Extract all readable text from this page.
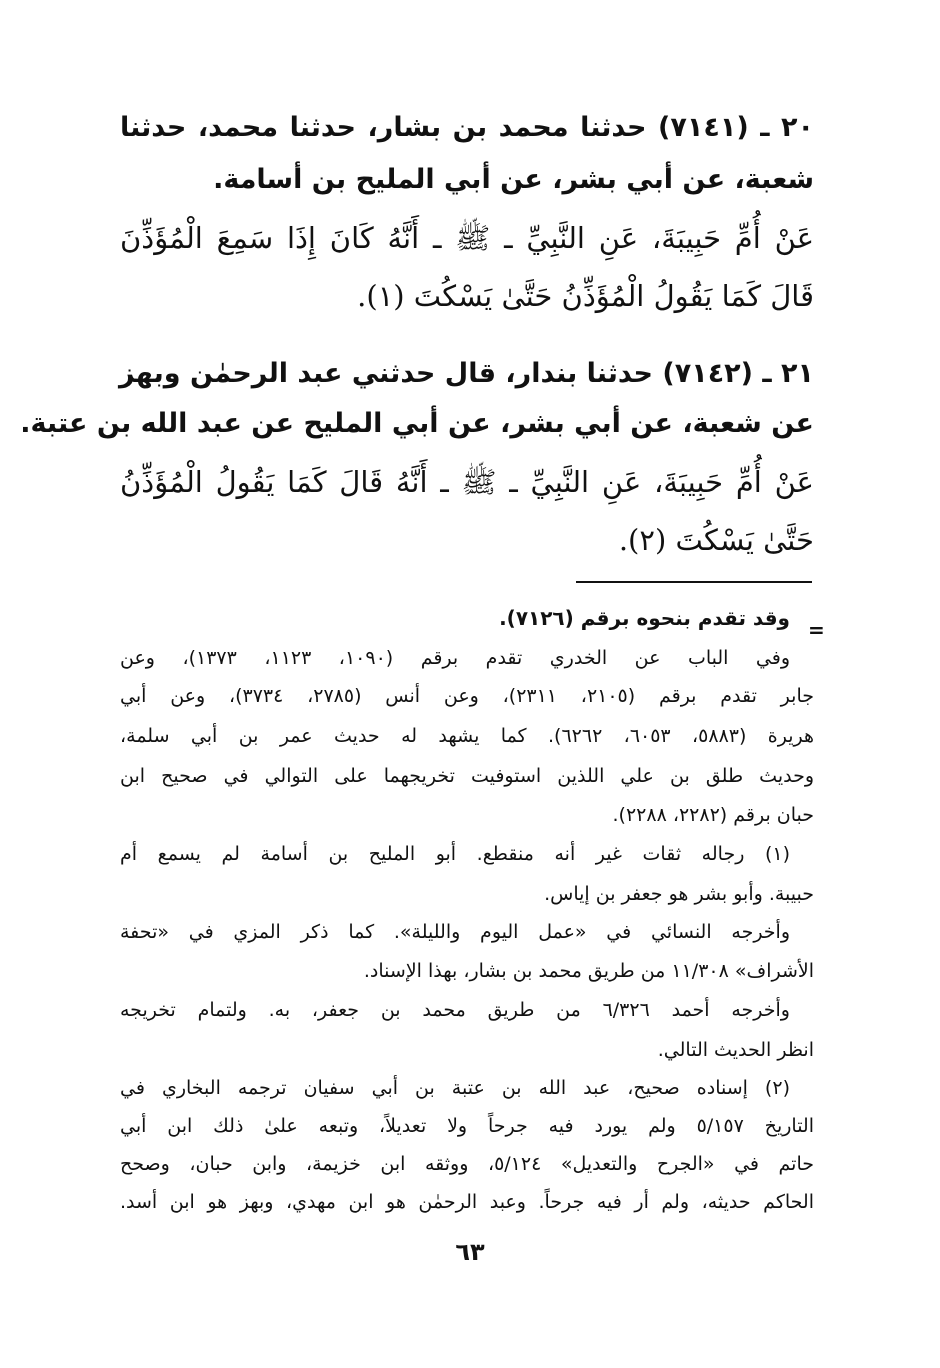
٢٠ ـ (٧١٤١) حدثنا محمد بن بشار، حدثنا محمد، حدثنا
شعبة، عن أبي بشر، عن أبي المليح بن أسامة.
عَنْ أُمِّ حَبِيبَةَ، عَنِ النَّبِيِّ ـ ﷺ ـ أَنَّهُ كَانَ إِذَا سَمِعَ الْمُؤَذِّنَ
قَالَ كَمَا يَقُولُ الْمُؤَذِّنُ حَتَّىٰ يَسْكُتَ (١).
٢١ ـ (٧١٤٢) حدثنا بندار، قال حدثني عبد الرحمٰن وبهز
عن شعبة، عن أبي بشر، عن أبي المليح عن عبد الله بن عتبة.
عَنْ أُمِّ حَبِيبَةَ، عَنِ النَّبِيِّ ـ ﷺ ـ أَنَّهُ قَالَ كَمَا يَقُولُ الْمُؤَذِّنُ
حَتَّىٰ يَسْكُتَ (٢).
=
وقد تقدم بنحوه برقم (٧١٢٦).
وفي الباب عن الخدري تقدم برقم (١٠٩٠، ١١٢٣، ١٣٧٣)، وعن
جابر تقدم برقم (٢١٠٥، ٢٣١١)، وعن أنس (٢٧٨٥، ٣٧٣٤)، وعن أبي
هريرة (٥٨٨٣، ٦٠٥٣، ٦٢٦٢). كما يشهد له حديث عمر بن أبي سلمة،
وحديث طلق بن علي اللذين استوفيت تخريجهما على التوالي في صحيح ابن
حبان برقم (٢٢٨٢، ٢٢٨٨).
(١) رجاله ثقات غير أنه منقطع. أبو المليح بن أسامة لم يسمع أم
حبيبة. وأبو بشر هو جعفر بن إياس.
وأخرجه النسائي في «عمل اليوم والليلة». كما ذكر المزي في «تحفة
الأشراف» ١١/٣٠٨ من طريق محمد بن بشار، بهذا الإسناد.
وأخرجه أحمد ٦/٣٢٦ من طريق محمد بن جعفر، به. ولتمام تخريجه
انظر الحديث التالي.
(٢) إسناده صحيح، عبد الله بن عتبة بن أبي سفيان ترجمه البخاري في
التاريخ ٥/١٥٧ ولم يورد فيه جرحاً ولا تعديلاً، وتبعه علىٰ ذلك ابن أبي
حاتم في «الجرح والتعديل» ٥/١٢٤، ووثقه ابن خزيمة، وابن حبان، وصحح
الحاكم حديثه، ولم أر فيه جرحاً. وعبد الرحمٰن هو ابن مهدي، وبهز هو ابن أسد.
٦٣
